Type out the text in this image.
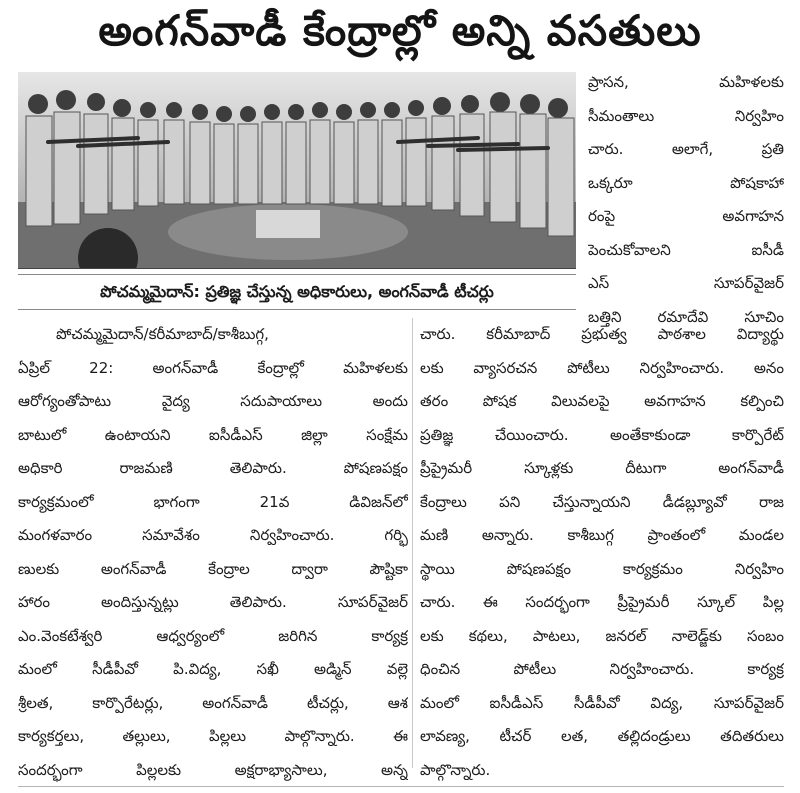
అంగన్‌వాడీ కేంద్రాల్లో అన్ని వసతులు
పోచమ్మమైదాన్: ప్రతిజ్ఞ చేస్తున్న అధికారులు, అంగన్‌వాడీ టీచర్లు
ప్రాసన, మహిళలకు
సీమంతాలు నిర్వహిం
చారు. అలాగే, ప్రతి
ఒక్కరూ పోషకాహా
రంపై అవగాహన
పెంచుకోవాలని ఐసీడీ
ఎస్ సూపర్‌వైజర్
బత్తిని రమాదేవి సూచిం
పోచమ్మమైదాన్/కరీమాబాద్/కాశీబుగ్గ,
ఏప్రిల్ 22: అంగన్‌వాడీ కేంద్రాల్లో మహిళలకు
ఆరోగ్యంతోపాటు వైద్య సదుపాయాలు అందు
బాటులో ఉంటాయని ఐసీడీఎస్ జిల్లా సంక్షేమ
అధికారి రాజమణి తెలిపారు. పోషణపక్షం
కార్యక్రమంలో భాగంగా 21వ డివిజన్‌లో
మంగళవారం సమావేశం నిర్వహించారు. గర్భి
ణులకు అంగన్‌వాడీ కేంద్రాల ద్వారా పౌష్టికా
హారం అందిస్తున్నట్లు తెలిపారు. సూపర్‌వైజర్
ఎం.వెంకటేశ్వరి ఆధ్వర్యంలో జరిగిన కార్యక్ర
మంలో సీడీపీవో పి.విద్య, సఖీ అడ్మిన్ వల్లె
శ్రీలత, కార్పొరేటర్లు, అంగన్‌వాడీ టీచర్లు, ఆశ
కార్యకర్తలు, తల్లులు, పిల్లలు పాల్గొన్నారు. ఈ
సందర్భంగా పిల్లలకు అక్షరాభ్యాసాలు, అన్న
చారు. కరీమాబాద్ ప్రభుత్వ పాఠశాల విద్యార్థు
లకు వ్యాసరచన పోటీలు నిర్వహించారు. అనం
తరం పోషక విలువలపై అవగాహన కల్పించి
ప్రతిజ్ఞ చేయించారు. అంతేకాకుండా కార్పొరేట్
ప్రీప్రైమరీ స్కూళ్లకు దీటుగా అంగన్‌వాడీ
కేంద్రాలు పని చేస్తున్నాయని డీడబ్ల్యూవో రాజ
మణి అన్నారు. కాశీబుగ్గ ప్రాంతంలో మండల
స్థాయి పోషణపక్షం కార్యక్రమం నిర్వహిం
చారు. ఈ సందర్భంగా ప్రీప్రైమరీ స్కూల్ పిల్ల
లకు కథలు, పాటలు, జనరల్ నాలెడ్జ్‌కు సంబం
ధించిన పోటీలు నిర్వహించారు. కార్యక్ర
మంలో ఐసీడీఎస్ సీడీపీవో విద్య, సూపర్‌వైజర్
లావణ్య, టీచర్ లత, తల్లిదండ్రులు తదితరులు
పాల్గొన్నారు.
